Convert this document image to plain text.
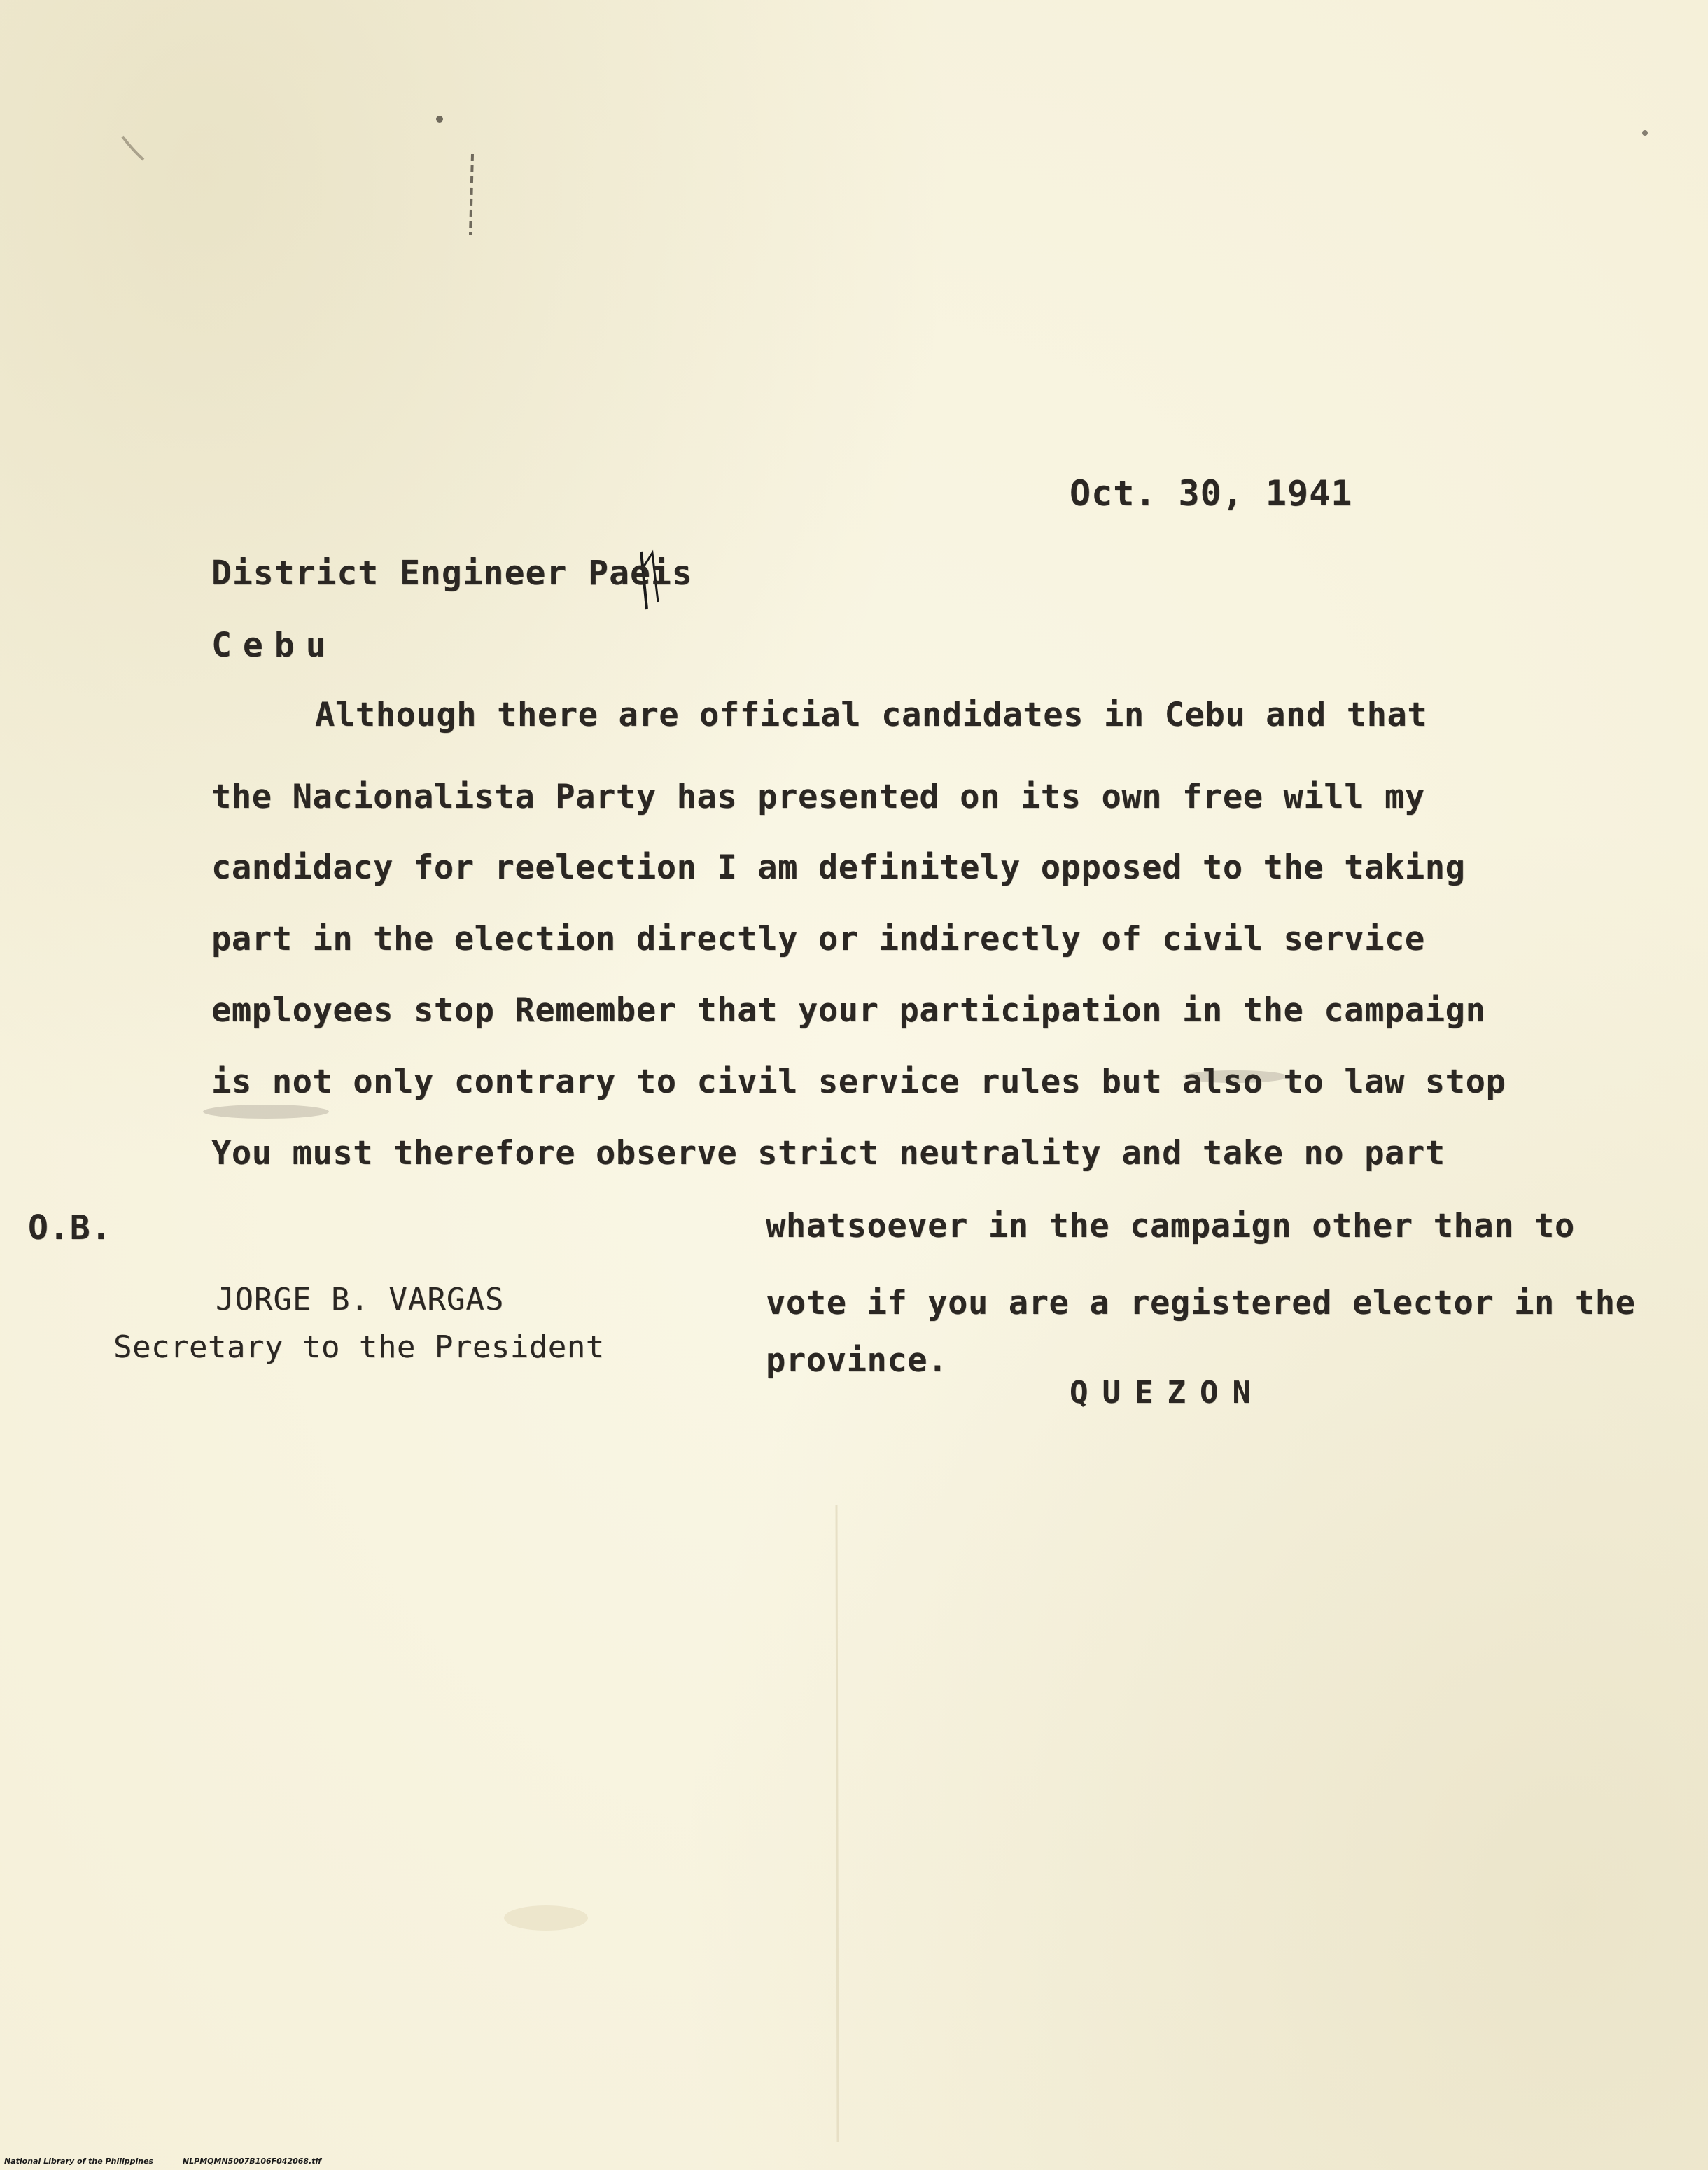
Oct. 30, 1941
District Engineer Paeis
Cebu
Although there are official candidates in Cebu and that
the Nacionalista Party has presented on its own free will my
candidacy for reelection I am definitely opposed to the taking
part in the election directly or indirectly of civil service
employees stop Remember that your participation in the campaign
is not only contrary to civil service rules but also to law stop
You must therefore observe strict neutrality and take no part
whatsoever in the campaign other than to
vote if you are a registered elector in the
province.
O.B.
JORGE B. VARGAS
Secretary to the President
QUEZON
National Library of the Philippines	NLPMQMN5007B106F042068.tif
